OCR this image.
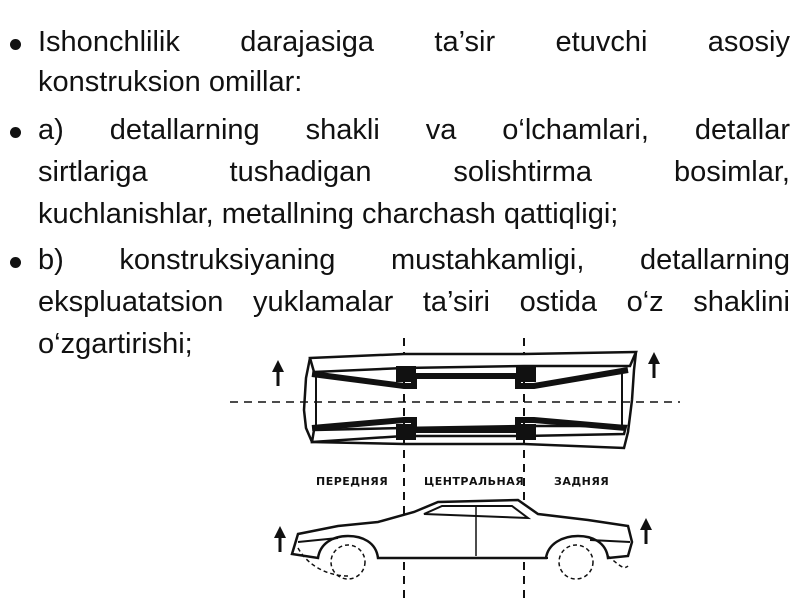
Ishonchlilik darajasiga ta’sir etuvchi asosiy
konstruksion omillar:
a) detallarning shakli va o‘lchamlari, detallar
sirtlariga tushadigan solishtirma bosimlar,
kuchlanishlar, metallning charchash qattiqligi;
b) konstruksiyaning mustahkamligi, detallarning
ekspluatatsion yuklamalar ta’siri ostida o‘z shaklini
o‘zgartirishi;
ПЕРЕДНЯЯ	ЦЕНТРАЛЬНАЯ	ЗАДНЯЯ
